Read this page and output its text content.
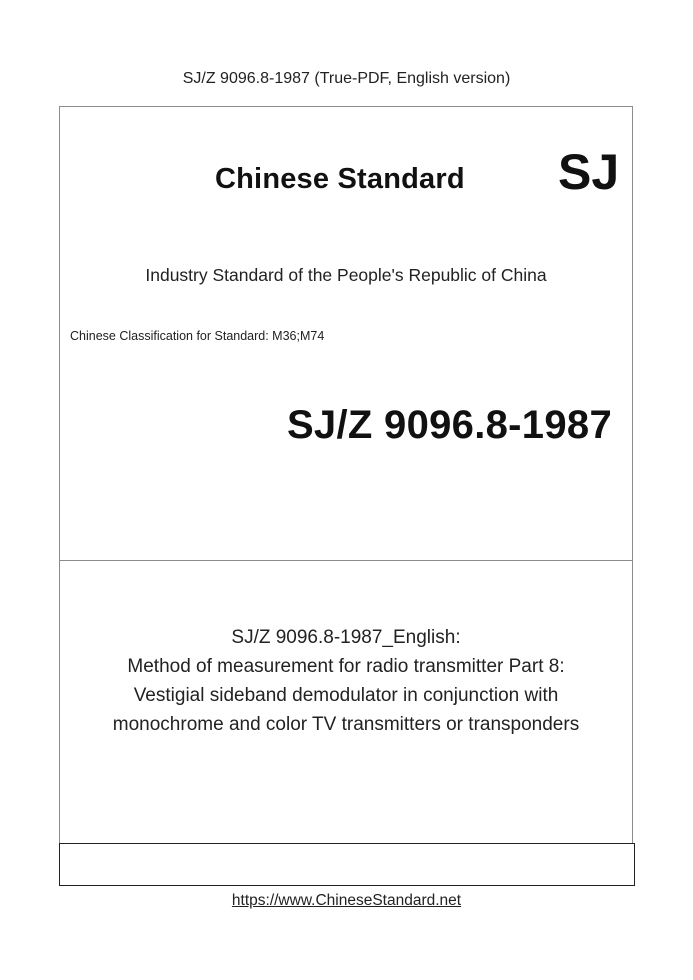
SJ/Z 9096.8-1987 (True-PDF, English version)
Chinese Standard SJ
Industry Standard of the People's Republic of China
Chinese Classification for Standard: M36;M74
SJ/Z 9096.8-1987
SJ/Z 9096.8-1987_English:
Method of measurement for radio transmitter Part 8:
Vestigial sideband demodulator in conjunction with
monochrome and color TV transmitters or transponders
https://www.ChineseStandard.net
